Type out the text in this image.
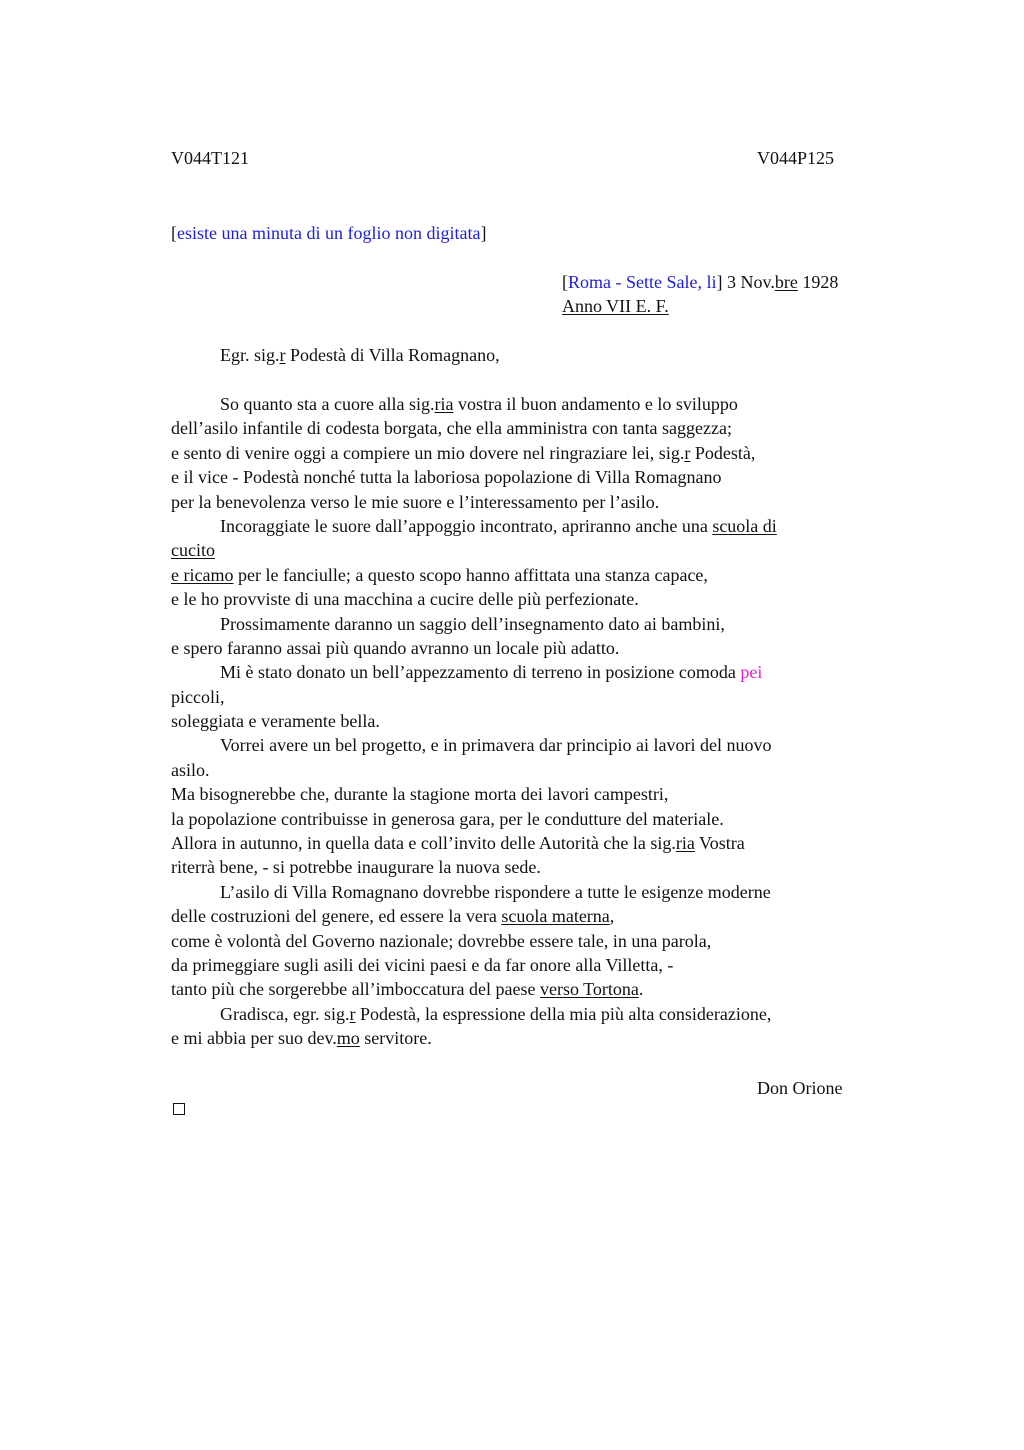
V044T121	V044P125
[esiste una minuta di un foglio non digitata]
[Roma - Sette Sale, li] 3 Nov.bre 1928
Anno VII E. F.
Egr. sig.r Podestà di Villa Romagnano,
So quanto sta a cuore alla sig.ria vostra il buon andamento e lo sviluppo
dell’asilo infantile di codesta borgata, che ella amministra con tanta saggezza;
e sento di venire oggi a compiere un mio dovere nel ringraziare lei, sig.r Podestà,
e il vice - Podestà nonché tutta la laboriosa popolazione di Villa Romagnano
per la benevolenza verso le mie suore e l’interessamento per l’asilo.
Incoraggiate le suore dall’appoggio incontrato, apriranno anche una scuola di
cucito
e ricamo per le fanciulle; a questo scopo hanno affittata una stanza capace,
e le ho provviste di una macchina a cucire delle più perfezionate.
Prossimamente daranno un saggio dell’insegnamento dato ai bambini,
e spero faranno assai più quando avranno un locale più adatto.
Mi è stato donato un bell’appezzamento di terreno in posizione comoda pei
piccoli,
soleggiata e veramente bella.
Vorrei avere un bel progetto, e in primavera dar principio ai lavori del nuovo
asilo.
Ma bisognerebbe che, durante la stagione morta dei lavori campestri,
la popolazione contribuisse in generosa gara, per le condutture del materiale.
Allora in autunno, in quella data e coll’invito delle Autorità che la sig.ria Vostra
riterrà bene, - si potrebbe inaugurare la nuova sede.
L’asilo di Villa Romagnano dovrebbe rispondere a tutte le esigenze moderne
delle costruzioni del genere, ed essere la vera scuola materna,
come è volontà del Governo nazionale; dovrebbe essere tale, in una parola,
da primeggiare sugli asili dei vicini paesi e da far onore alla Villetta, -
tanto più che sorgerebbe all’imboccatura del paese verso Tortona.
Gradisca, egr. sig.r Podestà, la espressione della mia più alta considerazione,
e mi abbia per suo dev.mo servitore.
Don Orione
